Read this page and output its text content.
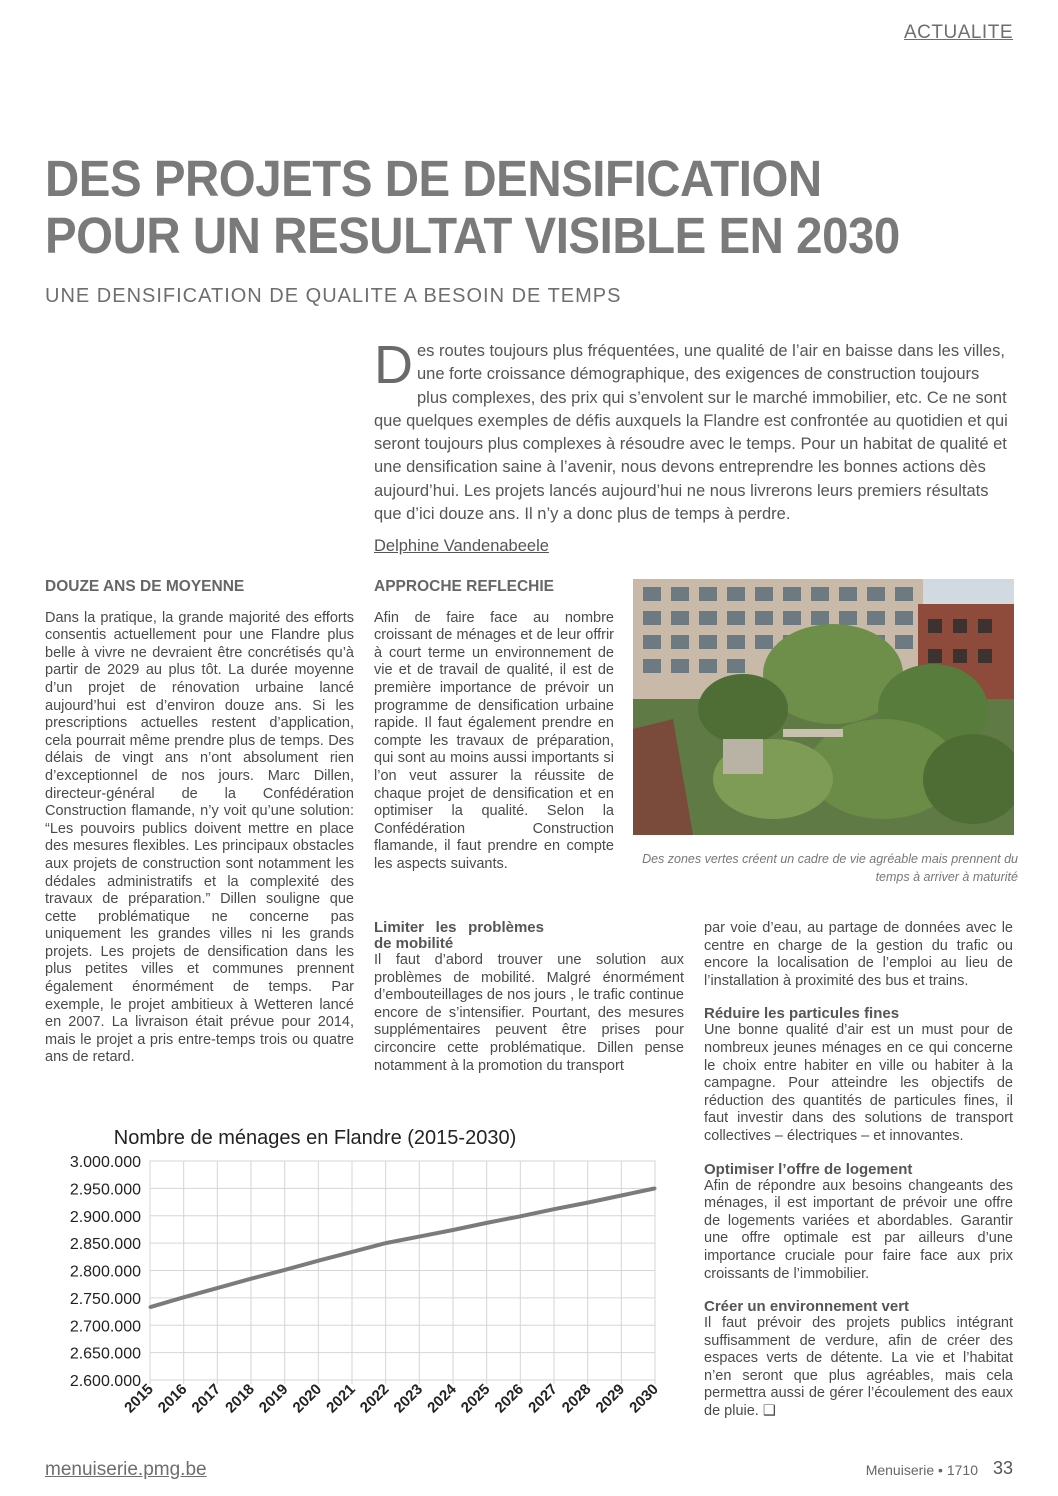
ACTUALITE
DES PROJETS DE DENSIFICATION POUR UN RESULTAT VISIBLE EN 2030
UNE DENSIFICATION DE QUALITE A BESOIN DE TEMPS
Des routes toujours plus fréquentées, une qualité de l’air en baisse dans les villes, une forte croissance démographique, des exigences de construction toujours plus complexes, des prix qui s’envolent sur le marché immobilier, etc. Ce ne sont que quelques exemples de défis auxquels la Flandre est confrontée au quotidien et qui seront toujours plus complexes à résoudre avec le temps. Pour un habitat de qualité et une densification saine à l’avenir, nous devons entreprendre les bonnes actions dès aujourd’hui. Les projets lancés aujourd’hui ne nous livrerons leurs premiers résultats que d’ici douze ans. Il n’y a donc plus de temps à perdre.
Delphine Vandenabeele
DOUZE ANS DE MOYENNE

Dans la pratique, la grande majorité des efforts consentis actuellement pour une Flandre plus belle à vivre ne devraient être concrétisés qu’à partir de 2029 au plus tôt. La durée moyenne d’un projet de rénovation urbaine lancé aujourd’hui est d’environ douze ans. Si les prescriptions actuelles restent d’application, cela pourrait même prendre plus de temps. Des délais de vingt ans n’ont absolument rien d’exceptionnel de nos jours. Marc Dillen, directeur-général de la Confédération Construction flamande, n’y voit qu’une solution: “Les pouvoirs publics doivent mettre en place des mesures flexibles. Les principaux obstacles aux projets de construction sont notamment les dédales administratifs et la complexité des travaux de préparation.” Dillen souligne que cette problématique ne concerne pas uniquement les grandes villes ni les grands projets. Les projets de densification dans les plus petites villes et communes prennent également énormément de temps. Par exemple, le projet ambitieux à Wetteren lancé en 2007. La livraison était prévue pour 2014, mais le projet a pris entre-temps trois ou quatre ans de retard.

APPROCHE REFLECHIE

Afin de faire face au nombre croissant de ménages et de leur offrir à court terme un environnement de vie et de travail de qualité, il est de première importance de prévoir un programme de densification urbaine rapide. Il faut également prendre en compte les travaux de préparation, qui sont au moins aussi importants si l’on veut assurer la réussite de chaque projet de densification et en optimiser la qualité. Selon la Confédération Construction flamande, il faut prendre en compte les aspects suivants.

Limiter les problèmes de mobilité

Il faut d’abord trouver une solution aux problèmes de mobilité. Malgré énormément d’embouteillages de nos jours , le trafic continue encore de s’intensifier. Pourtant, des mesures supplémentaires peuvent être prises pour circoncire cette problématique. Dillen pense notamment à la promotion du transport

par voie d’eau, au partage de données avec le centre en charge de la gestion du trafic ou encore la localisation de l’emploi au lieu de l’installation à proximité des bus et trains.

Réduire les particules fines

Une bonne qualité d’air est un must pour de nombreux jeunes ménages en ce qui concerne le choix entre habiter en ville ou habiter à la campagne. Pour atteindre les objectifs de réduction des quantités de particules fines, il faut investir dans des solutions de transport collectives – électriques – et innovantes.

Optimiser l’offre de logement

Afin de répondre aux besoins changeants des ménages, il est important de prévoir une offre de logements variées et abordables. Garantir une offre optimale est par ailleurs d’une importance cruciale pour faire face aux prix croissants de l’immobilier.

Créer un environnement vert

Il faut prévoir des projets publics intégrant suffisamment de verdure, afin de créer des espaces verts de détente. La vie et l’habitat n’en seront que plus agréables, mais cela permettra aussi de gérer l’écoulement des eaux de pluie. ❑

Des zones vertes créent un cadre de vie agréable mais prennent du temps à arriver à maturité
Nombre de ménages en Flandre (2015-2030)
3.000.000
2.950.000
2.900.000
2.850.000
2.800.000
2.750.000
2.700.000
2.650.000
2.600.000
2015
2016
2017
2018
2019
2020
2021
2022
2023
2024
2025
2026
2027
2028
2029
2030
menuiserie.pmg.be	Menuiserie • 1710 33
